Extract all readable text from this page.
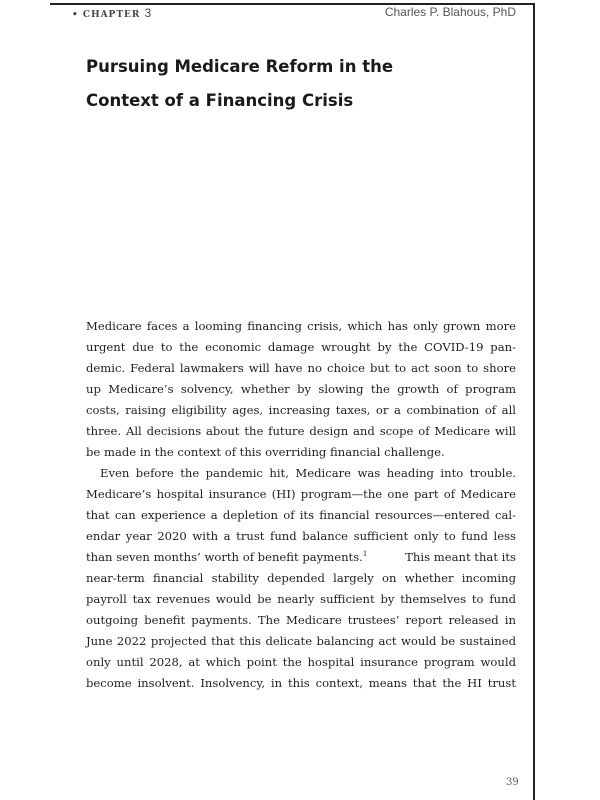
• CHAPTER 3	Charles P. Blahous, PhD
Pursuing Medicare Reform in the
Context of a Financing Crisis
Medicare faces a looming financing crisis, which has only grown more
urgent due to the economic damage wrought by the COVID-19 pan-
demic. Federal lawmakers will have no choice but to act soon to shore
up Medicare’s solvency, whether by slowing the growth of program
costs, raising eligibility ages, increasing taxes, or a combination of all
three. All decisions about the future design and scope of Medicare will
be made in the context of this overriding financial challenge.
Even before the pandemic hit, Medicare was heading into trouble.
Medicare’s hospital insurance (HI) program—the one part of Medicare
that can experience a depletion of its financial resources—entered cal-
endar year 2020 with a trust fund balance sufficient only to fund less
than seven months’ worth of benefit payments.$^1$	This meant that its
near-term financial stability depended largely on whether incoming
payroll tax revenues would be nearly sufficient by themselves to fund
outgoing benefit payments. The Medicare trustees’ report released in
June 2022 projected that this delicate balancing act would be sustained
only until 2028, at which point the hospital insurance program would
become insolvent. Insolvency, in this context, means that the HI trust
39
